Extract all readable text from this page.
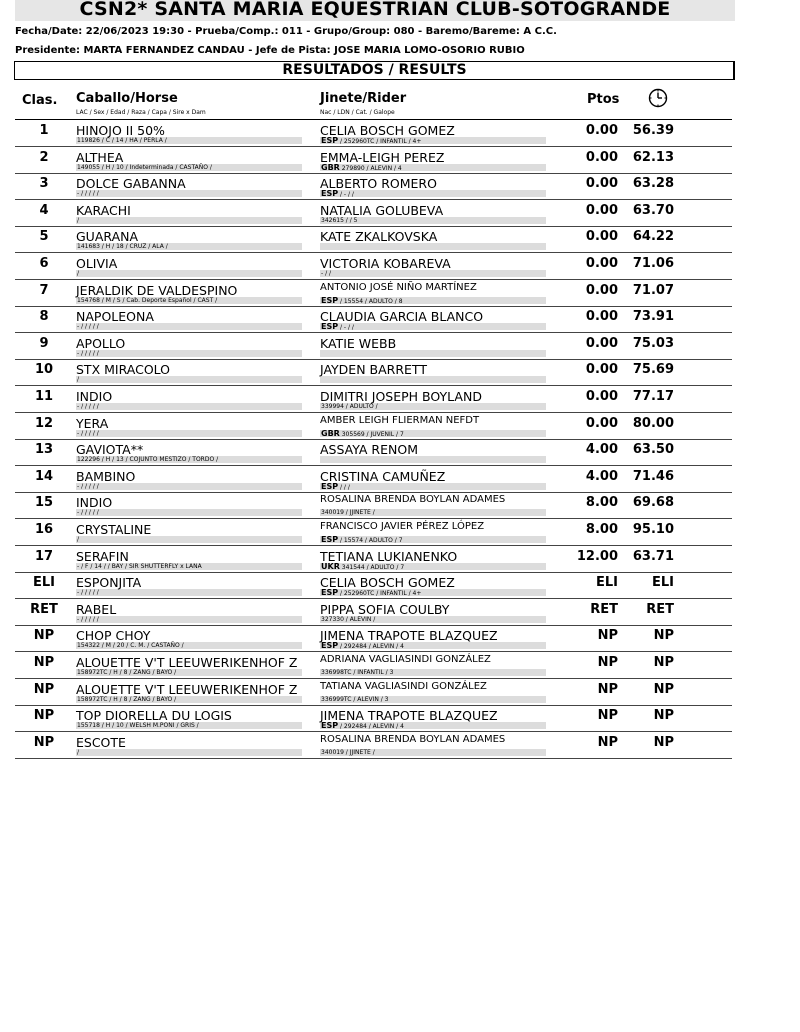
CSN2* SANTA MARIA EQUESTRIAN CLUB-SOTOGRANDE
Fecha/Date: 22/06/2023 19:30 - Prueba/Comp.: 011 - Grupo/Group: 080 - Baremo/Bareme: A C.C.
Presidente: MARTA FERNANDEZ CANDAU - Jefe de Pista: JOSE MARIA LOMO-OSORIO RUBIO
RESULTADOS / RESULTS
Clas. Caballo/Horse
LAC / Sex / Edad / Raza / Capa / Sire x Dam
Jinete/Rider
Nac / LDN / Cat. / Galope
Ptos
1	HINOJO II 50%
119826 / C / 14 / HA / PERLA /
CELIA BOSCH GOMEZ
ESP / 252960TC / INFANTIL / 4+
0.00	56.39
2	ALTHEA
149055 / H / 10 / Indeterminada / CASTAÑO /
EMMA-LEIGH PEREZ
GBR 279890 / ALEVIN / 4
0.00	62.13
3	DOLCE GABANNA
- / / / / /
ALBERTO ROMERO
ESP / - / /
0.00	63.28
4	KARACHI
/
NATALIA GOLUBEVA
342615 / / 5
0.00	63.70
5	GUARANA
141683 / H / 18 / CRUZ / ALA /
KATE ZKALKOVSKA	0.00	64.22
6	OLIVIA
/
VICTORIA KOBAREVA
- / /
0.00	71.06
7	JERALDIK DE VALDESPINO
154768 / M / S / Cab. Deporte Español / CAST /
ANTONIO JOSÉ NIÑO MARTÍNEZ
ESP / 15554 / ADULTO / 8
0.00	71.07
8	NAPOLEONA
- / / / / /
CLAUDIA GARCIA BLANCO
ESP / - / /
0.00	73.91
9	APOLLO
- / / / / /
KATIE WEBB	0.00	75.03
10	STX MIRACOLO
/
JAYDEN BARRETT	0.00	75.69
11	INDIO
- / / / / /
DIMITRI JOSEPH BOYLAND
339994 / ADULTO /
0.00	77.17
12	YERA
- / / / / /
AMBER LEIGH FLIERMAN NEFDT
GBR 305569 / JUVENIL / 7
0.00	80.00
13	GAVIOTA**
122296 / H / 13 / COJUNTO MESTIZO / TORDO /
ASSAYA RENOM	4.00	63.50
14	BAMBINO
- / / / / /
CRISTINA CAMUÑEZ
ESP / / /
4.00	71.46
15	INDIO
- / / / / /
ROSALINA BRENDA BOYLAN ADAMES
340019 / JJINETE /
8.00	69.68
16	CRYSTALINE
/
FRANCISCO JAVIER PÉREZ LÓPEZ
ESP / 15574 / ADULTO / 7
8.00	95.10
17	SERAFIN
- / F / 14 / / BAY / SIR SHUTTERFLY x LANA
TETIANA LUKIANENKO
UKR 341544 / ADULTO / 7
12.00	63.71
ELI	ESPONJITA
- / / / / /
CELIA BOSCH GOMEZ
ESP / 252960TC / INFANTIL / 4+
ELI	ELI
RET	RABEL
- / / / / /
PIPPA SOFIA COULBY
327330 / ALEVIN /
RET	RET
NP	CHOP CHOY
154322 / M / 20 / C. M. / CASTAÑO /
JIMENA TRAPOTE BLAZQUEZ
ESP / 292484 / ALEVIN / 4
NP	NP
NP	ALOUETTE V'T LEEUWERIKENHOF Z
158972TC / H / 8 / ZANG / BAYO /
ADRIANA VAGLIASINDI GONZÁLEZ
336998TC / INFANTIL / 3
NP	NP
NP	ALOUETTE V'T LEEUWERIKENHOF Z
158972TC / H / 8 / ZANG / BAYO /
TATIANA VAGLIASINDI GONZÁLEZ
336999TC / ALEVIN / 3
NP	NP
NP	TOP DIORELLA DU LOGIS
155718 / H / 10 / WELSH M.PONI / GRIS /
JIMENA TRAPOTE BLAZQUEZ
ESP / 292484 / ALEVIN / 4
NP	NP
NP	ESCOTE
/
ROSALINA BRENDA BOYLAN ADAMES
340019 / JJINETE /
NP	NP
